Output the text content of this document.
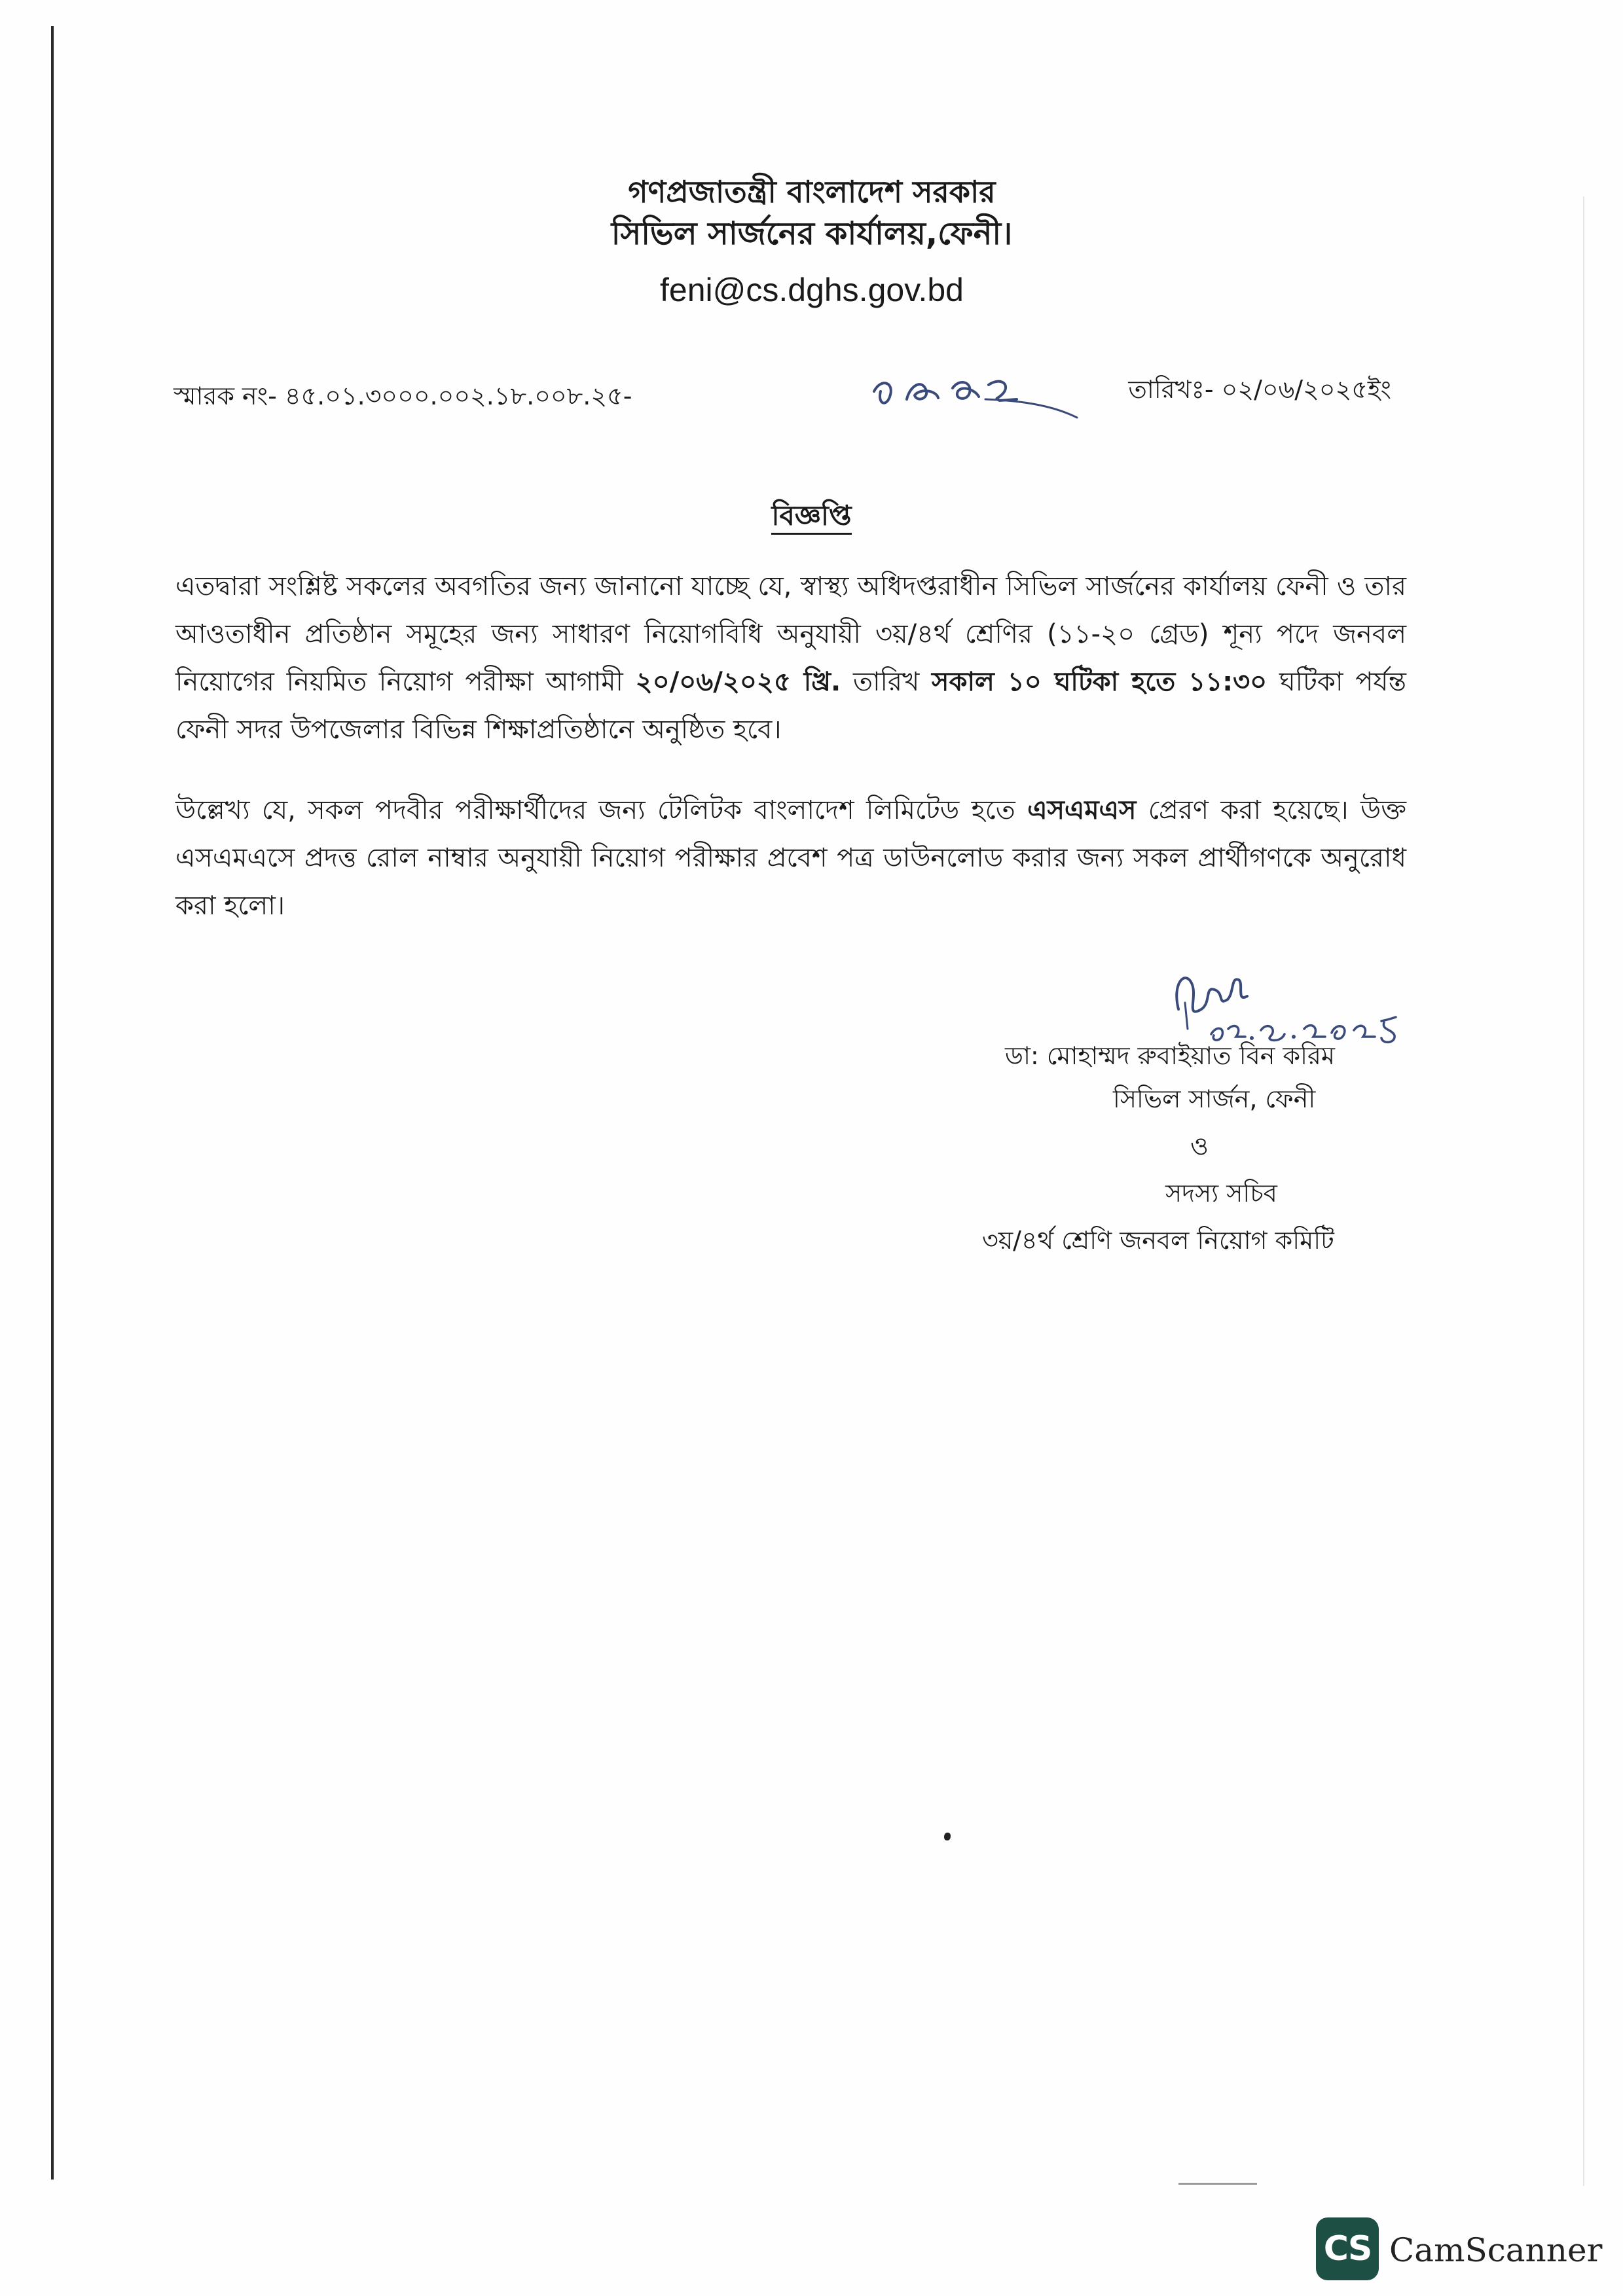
গণপ্রজাতন্ত্রী বাংলাদেশ সরকার
সিভিল সার্জনের কার্যালয়,ফেনী।
feni@cs.dghs.gov.bd
স্মারক নং- ৪৫.০১.৩০০০.০০২.১৮.০০৮.২৫-	তারিখঃ- ০২/০৬/২০২৫ইং
বিজ্ঞপ্তি
এতদ্বারা সংশ্লিষ্ট সকলের অবগতির জন্য জানানো যাচ্ছে যে, স্বাস্থ্য অধিদপ্তরাধীন সিভিল সার্জনের কার্যালয় ফেনী ও তার আওতাধীন প্রতিষ্ঠান সমূহের জন্য সাধারণ নিয়োগবিধি অনুযায়ী ৩য়/৪র্থ শ্রেণির (১১-২০ গ্রেড) শূন্য পদে জনবল নিয়োগের নিয়মিত নিয়োগ পরীক্ষা আগামী ২০/০৬/২০২৫ খ্রি. তারিখ সকাল ১০ ঘটিকা হতে ১১:৩০ ঘটিকা পর্যন্ত ফেনী সদর উপজেলার বিভিন্ন শিক্ষাপ্রতিষ্ঠানে অনুষ্ঠিত হবে।
উল্লেখ্য যে, সকল পদবীর পরীক্ষার্থীদের জন্য টেলিটক বাংলাদেশ লিমিটেড হতে এসএমএস প্রেরণ করা হয়েছে। উক্ত এসএমএসে প্রদত্ত রোল নাম্বার অনুযায়ী নিয়োগ পরীক্ষার প্রবেশ পত্র ডাউনলোড করার জন্য সকল প্রার্থীগণকে অনুরোধ করা হলো।
ডা: মোহাম্মদ রুবাইয়াত বিন করিম
সিভিল সার্জন, ফেনী
ও
সদস্য সচিব
৩য়/৪র্থ শ্রেণি জনবল নিয়োগ কমিটি
CS CamScanner
